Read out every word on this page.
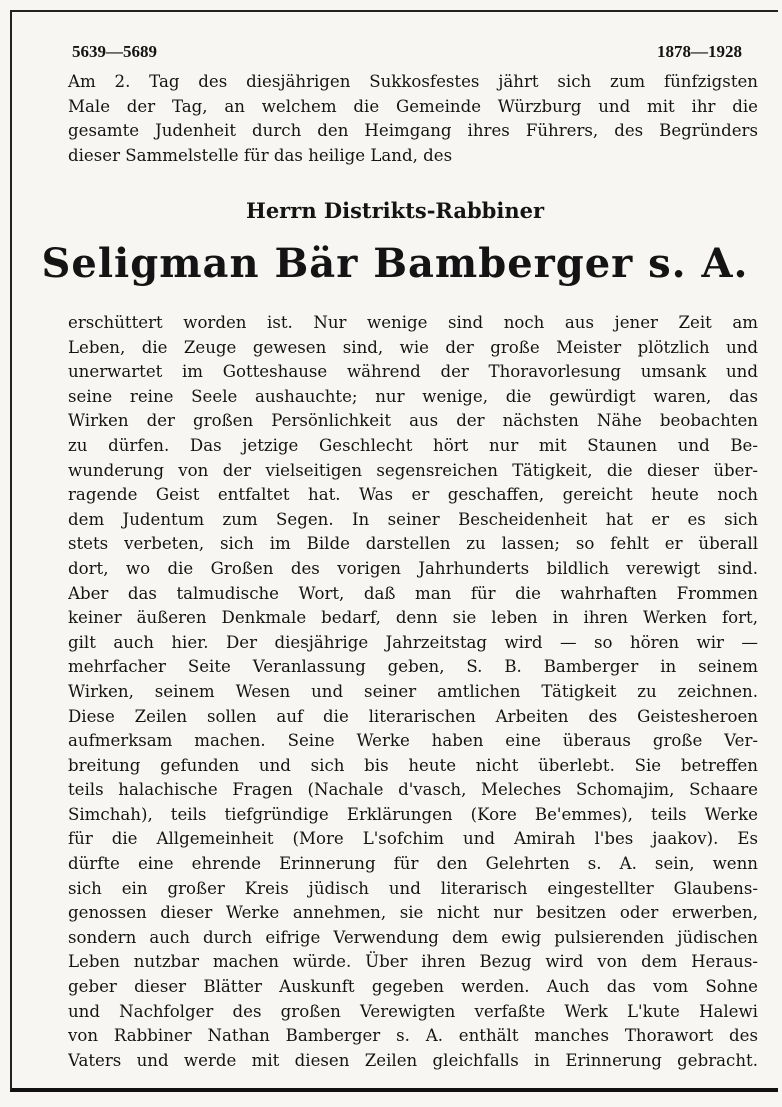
5639—5689	1878—1928
Am 2. Tag des diesjährigen Sukkosfestes jährt sich zum fünfzigsten
Male der Tag, an welchem die Gemeinde Würzburg und mit ihr die
gesamte Judenheit durch den Heimgang ihres Führers, des Begründers
dieser Sammelstelle für das heilige Land, des
Herrn Distrikts-Rabbiner
Seligman Bär Bamberger s. A.
erschüttert worden ist. Nur wenige sind noch aus jener Zeit am
Leben, die Zeuge gewesen sind, wie der große Meister plötzlich und
unerwartet im Gotteshause während der Thoravorlesung umsank und
seine reine Seele aushauchte; nur wenige, die gewürdigt waren, das
Wirken der großen Persönlichkeit aus der nächsten Nähe beobachten
zu dürfen. Das jetzige Geschlecht hört nur mit Staunen und Be-
wunderung von der vielseitigen segensreichen Tätigkeit, die dieser über-
ragende Geist entfaltet hat. Was er geschaffen, gereicht heute noch
dem Judentum zum Segen. In seiner Bescheidenheit hat er es sich
stets verbeten, sich im Bilde darstellen zu lassen; so fehlt er überall
dort, wo die Großen des vorigen Jahrhunderts bildlich verewigt sind.
Aber das talmudische Wort, daß man für die wahrhaften Frommen
keiner äußeren Denkmale bedarf, denn sie leben in ihren Werken fort,
gilt auch hier. Der diesjährige Jahrzeitstag wird — so hören wir —
mehrfacher Seite Veranlassung geben, S. B. Bamberger in seinem
Wirken, seinem Wesen und seiner amtlichen Tätigkeit zu zeichnen.
Diese Zeilen sollen auf die literarischen Arbeiten des Geistesheroen
aufmerksam machen. Seine Werke haben eine überaus große Ver-
breitung gefunden und sich bis heute nicht überlebt. Sie betreffen
teils halachische Fragen (Nachale d'vasch, Meleches Schomajim, Schaare
Simchah), teils tiefgründige Erklärungen (Kore Be'emmes), teils Werke
für die Allgemeinheit (More L'sofchim und Amirah l'bes jaakov). Es
dürfte eine ehrende Erinnerung für den Gelehrten s. A. sein, wenn
sich ein großer Kreis jüdisch und literarisch eingestellter Glaubens-
genossen dieser Werke annehmen, sie nicht nur besitzen oder erwerben,
sondern auch durch eifrige Verwendung dem ewig pulsierenden jüdischen
Leben nutzbar machen würde. Über ihren Bezug wird von dem Heraus-
geber dieser Blätter Auskunft gegeben werden. Auch das vom Sohne
und Nachfolger des großen Verewigten verfaßte Werk L'kute Halewi
von Rabbiner Nathan Bamberger s. A. enthält manches Thorawort des
Vaters und werde mit diesen Zeilen gleichfalls in Erinnerung gebracht.
